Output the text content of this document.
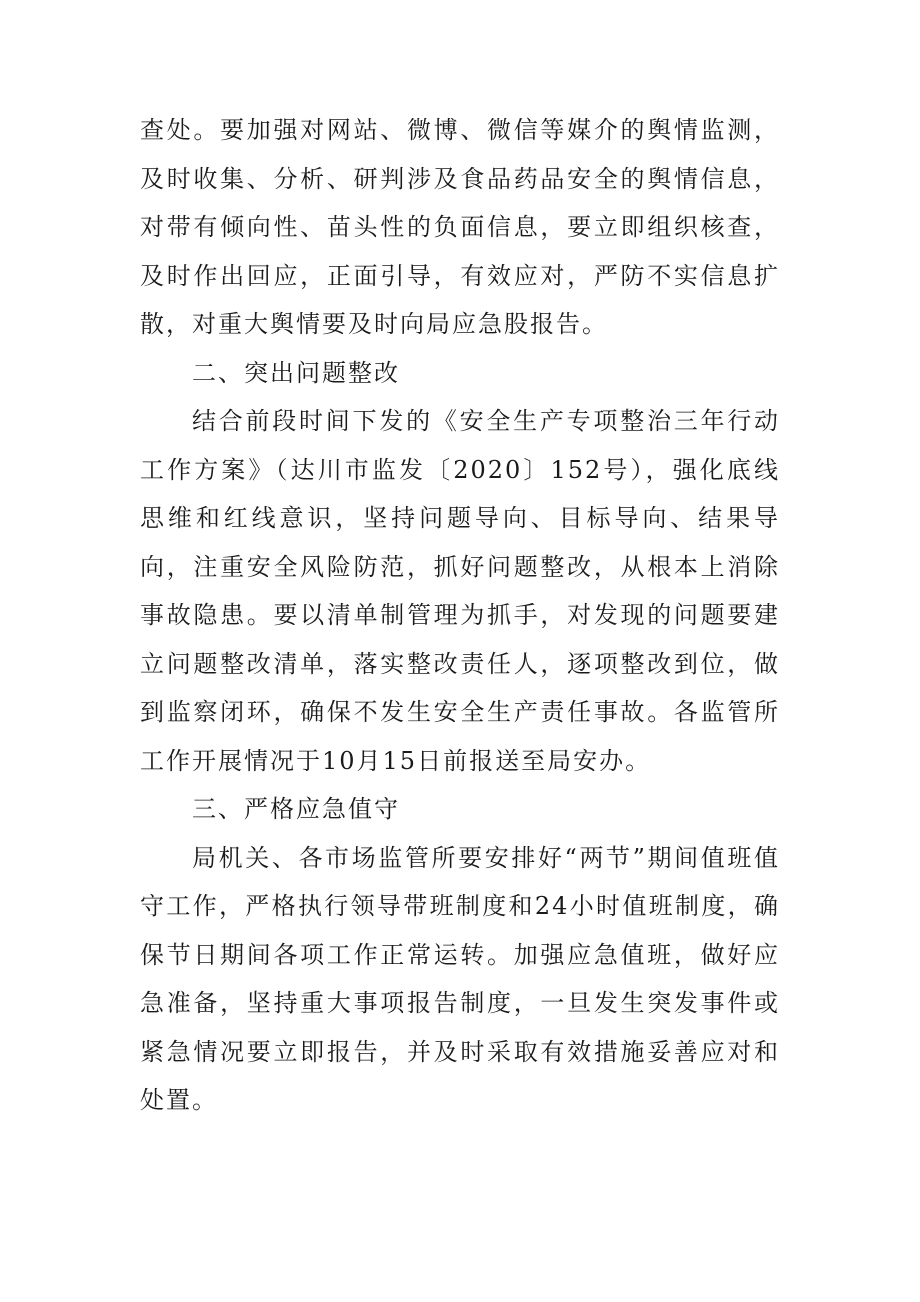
查处。要加强对网站、微博、微信等媒介的舆情监测，及时收集、分析、研判涉及食品药品安全的舆情信息，对带有倾向性、苗头性的负面信息，要立即组织核查，及时作出回应，正面引导，有效应对，严防不实信息扩散，对重大舆情要及时向局应急股报告。

二、突出问题整改

结合前段时间下发的《安全生产专项整治三年行动工作方案》（达川市监发〔2020〕152号），强化底线思维和红线意识，坚持问题导向、目标导向、结果导向，注重安全风险防范，抓好问题整改，从根本上消除事故隐患。要以清单制管理为抓手，对发现的问题要建立问题整改清单，落实整改责任人，逐项整改到位，做到监察闭环，确保不发生安全生产责任事故。各监管所工作开展情况于10月15日前报送至局安办。

三、严格应急值守

局机关、各市场监管所要安排好“两节”期间值班值守工作，严格执行领导带班制度和24小时值班制度，确保节日期间各项工作正常运转。加强应急值班，做好应急准备，坚持重大事项报告制度，一旦发生突发事件或紧急情况要立即报告，并及时采取有效措施妥善应对和处置。
